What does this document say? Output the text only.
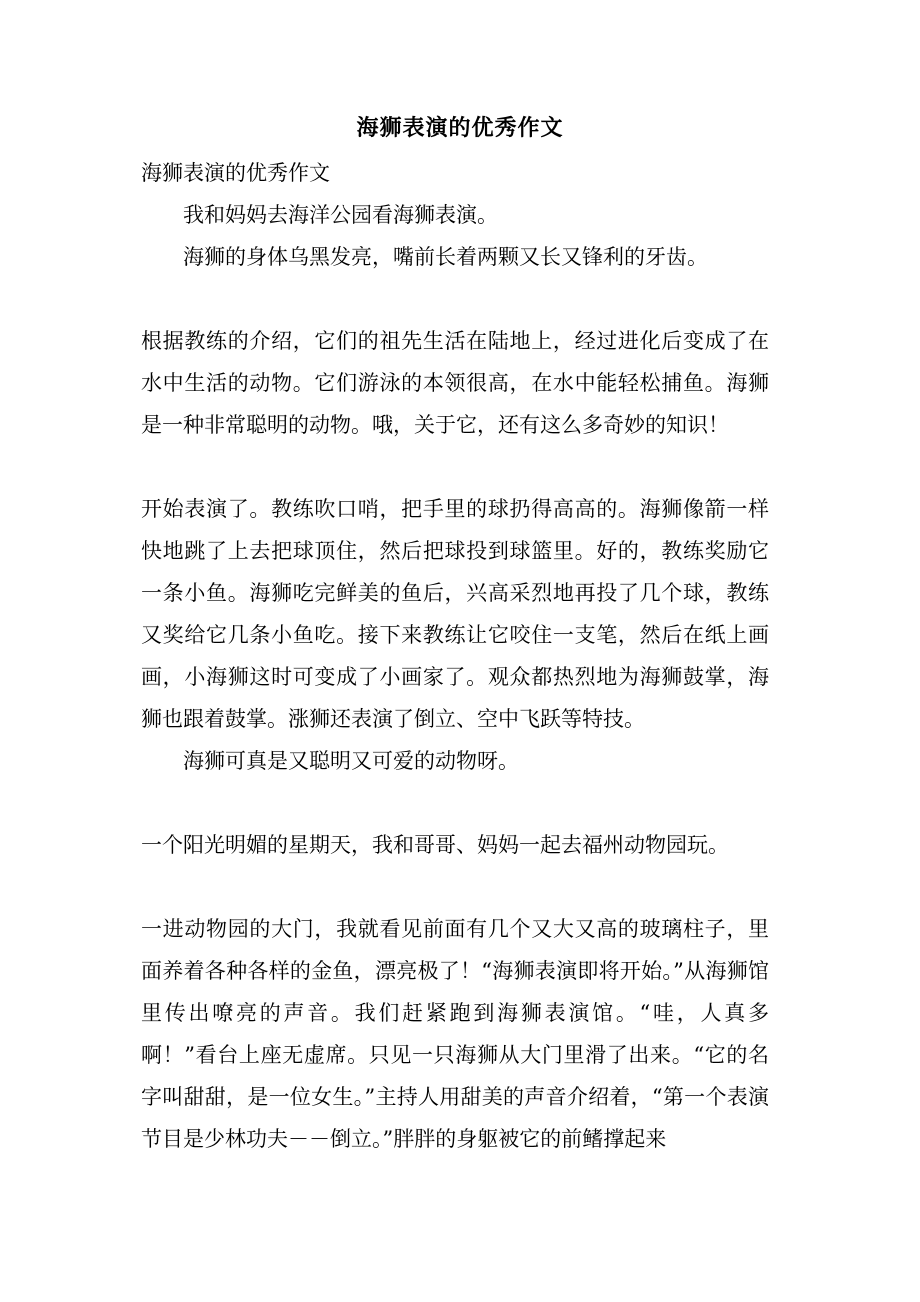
海狮表演的优秀作文

海狮表演的优秀作文

我和妈妈去海洋公园看海狮表演。

海狮的身体乌黑发亮，嘴前长着两颗又长又锋利的牙齿。

根据教练的介绍，它们的祖先生活在陆地上，经过进化后变成了在水中生活的动物。它们游泳的本领很高，在水中能轻松捕鱼。海狮是一种非常聪明的动物。哦，关于它，还有这么多奇妙的知识！

开始表演了。教练吹口哨，把手里的球扔得高高的。海狮像箭一样快地跳了上去把球顶住，然后把球投到球篮里。好的，教练奖励它一条小鱼。海狮吃完鲜美的鱼后，兴高采烈地再投了几个球，教练又奖给它几条小鱼吃。接下来教练让它咬住一支笔，然后在纸上画画，小海狮这时可变成了小画家了。观众都热烈地为海狮鼓掌，海狮也跟着鼓掌。涨狮还表演了倒立、空中飞跃等特技。

海狮可真是又聪明又可爱的动物呀。

一个阳光明媚的星期天，我和哥哥、妈妈一起去福州动物园玩。

一进动物园的大门，我就看见前面有几个又大又高的玻璃柱子，里面养着各种各样的金鱼，漂亮极了！“海狮表演即将开始。”从海狮馆里传出嘹亮的声音。我们赶紧跑到海狮表演馆。“哇，人真多啊！”看台上座无虚席。只见一只海狮从大门里滑了出来。“它的名字叫甜甜，是一位女生。”主持人用甜美的声音介绍着，“第一个表演节目是少林功夫－－倒立。”胖胖的身躯被它的前鳍撑起来
